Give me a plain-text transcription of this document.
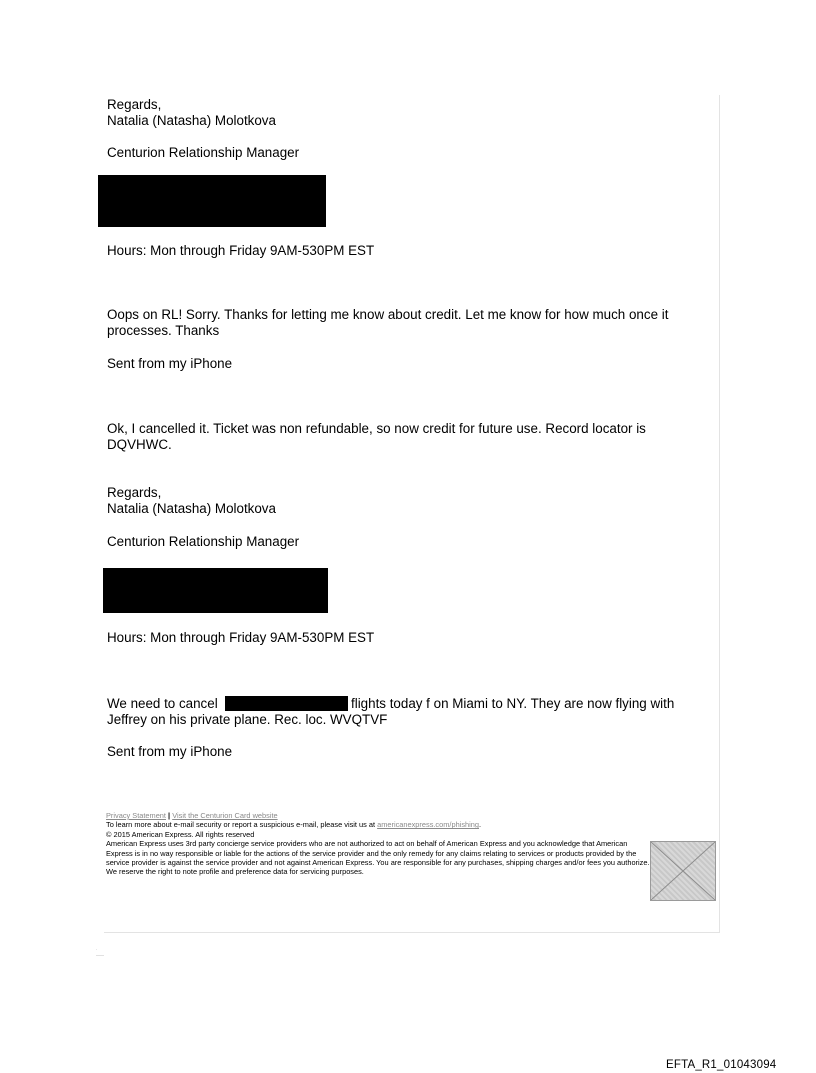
Regards,
Natalia (Natasha) Molotkova
Centurion Relationship Manager
Hours: Mon through Friday 9AM-530PM EST
Oops on RL! Sorry. Thanks for letting me know about credit. Let me know for how much once it processes. Thanks
Sent from my iPhone
Ok, I cancelled it. Ticket was non refundable, so now credit for future use. Record locator is DQVHWC.
Regards,
Natalia (Natasha) Molotkova
Centurion Relationship Manager
Hours: Mon through Friday 9AM-530PM EST
We need to cancel	flights today f on Miami to NY. They are now flying with
Jeffrey on his private plane. Rec. loc. WVQTVF
Sent from my iPhone
Privacy Statement | Visit the Centurion Card website
To learn more about e-mail security or report a suspicious e-mail, please visit us at americanexpress.com/phishing.
© 2015 American Express. All rights reserved
American Express uses 3rd party concierge service providers who are not authorized to act on behalf of American Express and you acknowledge that American Express is in no way responsible or liable for the actions of the service provider and the only remedy for any claims relating to services or products provided by the service provider is against the service provider and not against American Express. You are responsible for any purchases, shipping charges and/or fees you authorize. We reserve the right to note profile and preference data for servicing purposes.
·
——
EFTA_R1_01043094
